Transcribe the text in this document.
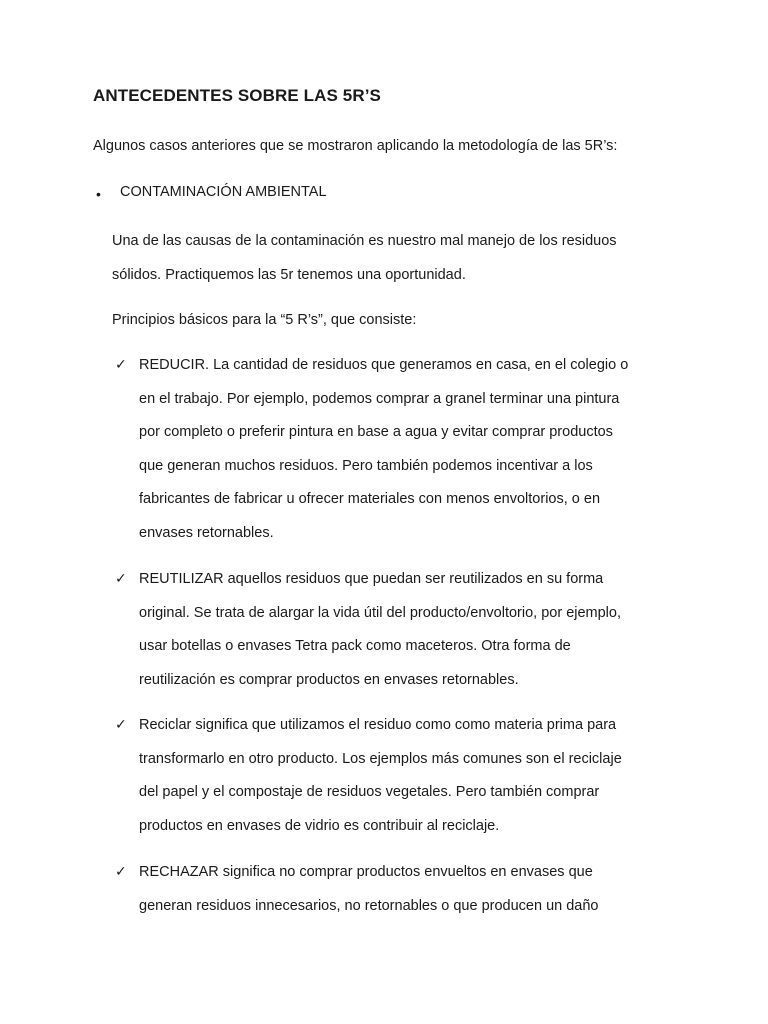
ANTECEDENTES SOBRE LAS 5R’S

Algunos casos anteriores que se mostraron aplicando la metodología de las 5R’s:

• CONTAMINACIÓN AMBIENTAL
Una de las causas de la contaminación es nuestro mal manejo de los residuos
sólidos. Practiquemos las 5r tenemos una oportunidad.
Principios básicos para la “5 R’s”, que consiste:
✓ REDUCIR. La cantidad de residuos que generamos en casa, en el colegio o
en el trabajo. Por ejemplo, podemos comprar a granel terminar una pintura
por completo o preferir pintura en base a agua y evitar comprar productos
que generan muchos residuos. Pero también podemos incentivar a los
fabricantes de fabricar u ofrecer materiales con menos envoltorios, o en
envases retornables.
✓ REUTILIZAR aquellos residuos que puedan ser reutilizados en su forma
original. Se trata de alargar la vida útil del producto/envoltorio, por ejemplo,
usar botellas o envases Tetra pack como maceteros. Otra forma de
reutilización es comprar productos en envases retornables.
✓ Reciclar significa que utilizamos el residuo como como materia prima para
transformarlo en otro producto. Los ejemplos más comunes son el reciclaje
del papel y el compostaje de residuos vegetales. Pero también comprar
productos en envases de vidrio es contribuir al reciclaje.
✓ RECHAZAR significa no comprar productos envueltos en envases que
generan residuos innecesarios, no retornables o que producen un daño
